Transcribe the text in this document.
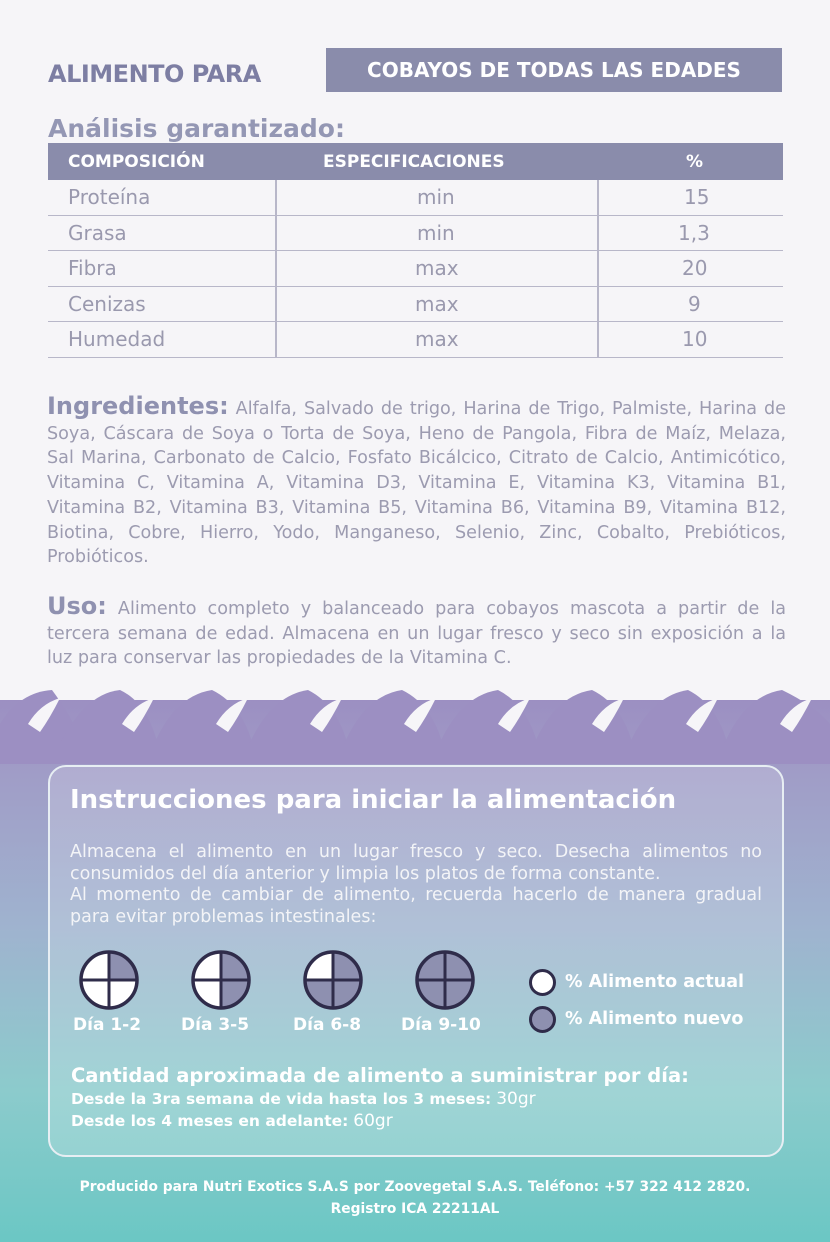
ALIMENTO PARA	COBAYOS DE TODAS LAS EDADES
Análisis garantizado:
COMPOSICIÓN	ESPECIFICACIONES	%
Proteína	min	15
Grasa	min	1,3
Fibra	max	20
Cenizas	max	9
Humedad	max	10
Ingredientes: Alfalfa, Salvado de trigo, Harina de Trigo, Palmiste, Harina de Soya, Cáscara de Soya o Torta de Soya, Heno de Pangola, Fibra de Maíz, Melaza, Sal Marina, Carbonato de Calcio, Fosfato Bicálcico, Citrato de Calcio, Antimicótico, Vitamina C, Vitamina A, Vitamina D3, Vitamina E, Vitamina K3, Vitamina B1, Vitamina B2, Vitamina B3, Vitamina B5, Vitamina B6, Vitamina B9, Vitamina B12, Biotina, Cobre, Hierro, Yodo, Manganeso, Selenio, Zinc, Cobalto, Prebióticos, Probióticos.
Uso: Alimento completo y balanceado para cobayos mascota a partir de la tercera semana de edad. Almacena en un lugar fresco y seco sin exposición a la luz para conservar las propiedades de la Vitamina C.
Instrucciones para iniciar la alimentación
Almacena el alimento en un lugar fresco y seco. Desecha alimentos no consumidos del día anterior y limpia los platos de forma constante.
Al momento de cambiar de alimento, recuerda hacerlo de manera gradual para evitar problemas intestinales:
Día 1-2 Día 3-5	Día 6-8 Día 9-10
% Alimento actual
% Alimento nuevo
Cantidad aproximada de alimento a suministrar por día:
Desde la 3ra semana de vida hasta los 3 meses: 30gr
Desde los 4 meses en adelante: 60gr
Producido para Nutri Exotics S.A.S por Zoovegetal S.A.S. Teléfono: +57 322 412 2820.
Registro ICA 22211AL
